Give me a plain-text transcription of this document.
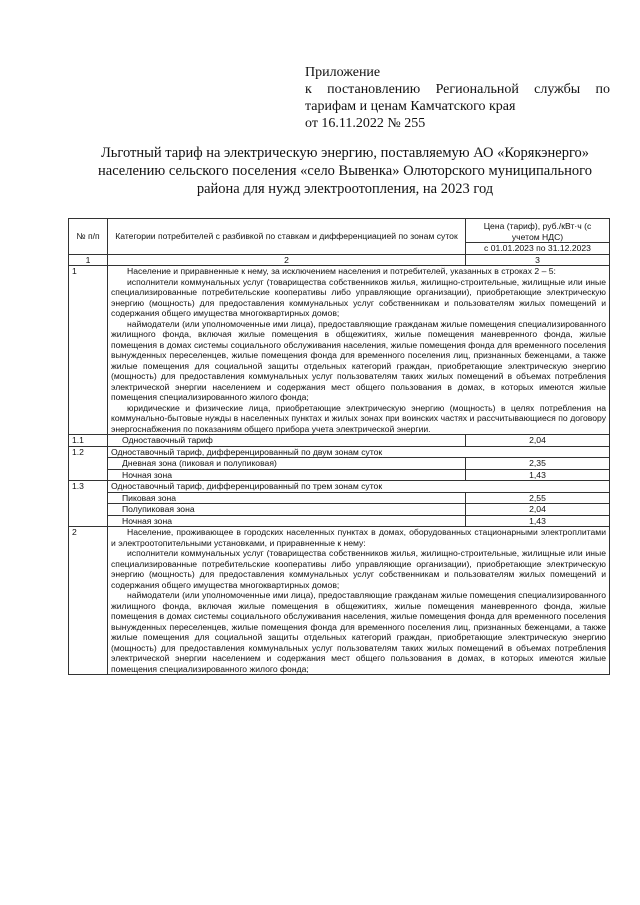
Приложение
к постановлению Региональной службы по
тарифам и ценам Камчатского края
от 16.11.2022 № 255
Льготный тариф на электрическую энергию, поставляемую АО «Корякэнерго» населению сельского поселения «село Вывенка» Олюторского муниципального района для нужд электроотопления, на 2023 год
№ п/п	Категории потребителей с разбивкой по ставкам и дифференциацией по зонам суток	Цена (тариф), руб./кВт·ч (с учетом НДС)
		с 01.01.2023 по 31.12.2023
1	2	3
1	Население и приравненные к нему, за исключением населения и потребителей, указанных в строках 2 – 5:
исполнители коммунальных услуг (товарищества собственников жилья, жилищно-строительные, жилищные или иные специализированные потребительские кооперативы либо управляющие организации), приобретающие электрическую энергию (мощность) для предоставления коммунальных услуг собственникам и пользователям жилых помещений и содержания общего имущества многоквартирных домов;
наймодатели (или уполномоченные ими лица), предоставляющие гражданам жилые помещения специализированного жилищного фонда, включая жилые помещения в общежитиях, жилые помещения маневренного фонда, жилые помещения в домах системы социального обслуживания населения, жилые помещения фонда для временного поселения вынужденных переселенцев, жилые помещения фонда для временного поселения лиц, признанных беженцами, а также жилые помещения для социальной защиты отдельных категорий граждан, приобретающие электрическую энергию (мощность) для предоставления коммунальных услуг пользователям таких жилых помещений в объемах потребления электрической энергии населением и содержания мест общего пользования в домах, в которых имеются жилые помещения специализированного жилого фонда;
юридические и физические лица, приобретающие электрическую энергию (мощность) в целях потребления на коммунально-бытовые нужды в населенных пунктах и жилых зонах при воинских частях и рассчитывающиеся по договору энергоснабжения по показаниям общего прибора учета электрической энергии.	

1.1	Одноставочный тариф	2,04
1.2	Одноставочный тариф, дифференцированный по двум зонам суток	
	Дневная зона (пиковая и полупиковая)	2,35
	Ночная зона	1,43
1.3	Одноставочный тариф, дифференцированный по трем зонам суток	
	Пиковая зона	2,55
	Полупиковая зона	2,04
	Ночная зона	1,43
2	Население, проживающее в городских населенных пунктах в домах, оборудованных стационарными электроплитами и электроотопительными установками, и приравненные к нему:
исполнители коммунальных услуг (товарищества собственников жилья, жилищно-строительные, жилищные или иные специализированные потребительские кооперативы либо управляющие организации), приобретающие электрическую энергию (мощность) для предоставления коммунальных услуг собственникам и пользователям жилых помещений и содержания общего имущества многоквартирных домов;
наймодатели (или уполномоченные ими лица), предоставляющие гражданам жилые помещения специализированного жилищного фонда, включая жилые помещения в общежитиях, жилые помещения маневренного фонда, жилые помещения в домах системы социального обслуживания населения, жилые помещения фонда для временного поселения вынужденных переселенцев, жилые помещения фонда для временного поселения лиц, признанных беженцами, а также жилые помещения для социальной защиты отдельных категорий граждан, приобретающие электрическую энергию (мощность) для предоставления коммунальных услуг пользователям таких жилых помещений в объемах потребления электрической энергии населением и содержания мест общего пользования в домах, в которых имеются жилые помещения специализированного жилого фонда;	
